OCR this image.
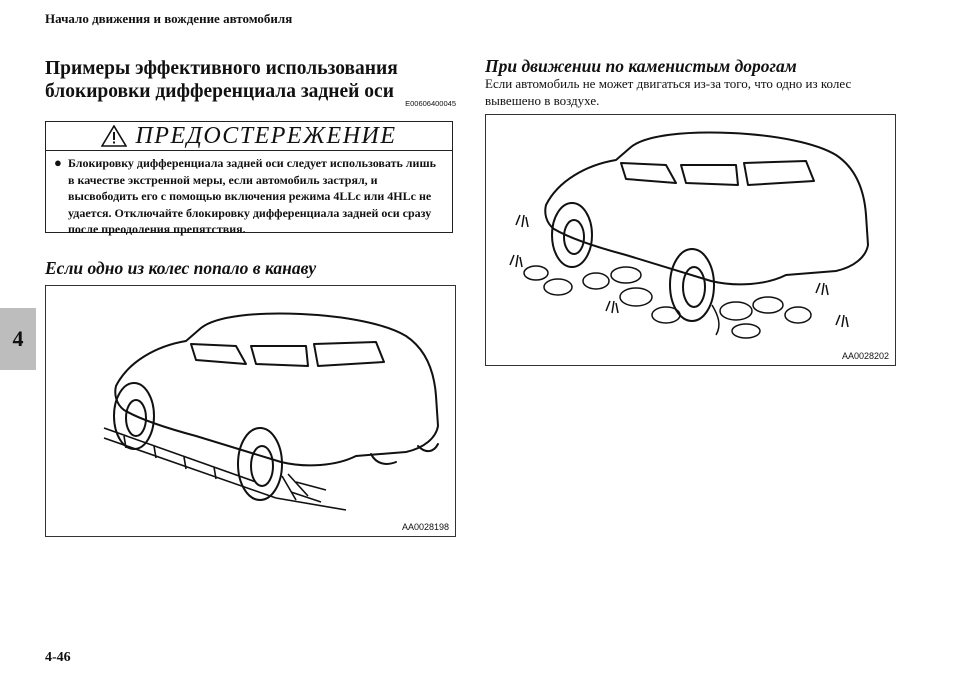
Начало движения и вождение автомобиля
4
Примеры эффективного использования
блокировки дифференциала задней оси
E00606400045
ПРЕДОСТЕРЕЖЕНИЕ
● Блокировку дифференциала задней оси следует использовать лишь в качестве экстренной меры, если автомобиль застрял, и высвободить его с помощью включения режима 4LLc или 4HLc не удается. Отключайте блокировку дифференциала задней оси сразу после преодоления препятствия.
Если одно из колес попало в канаву
AA0028198
При движении по каменистым дорогам
Если автомобиль не может двигаться из-за того, что одно из колес
вывешено в воздухе.
AA0028202
4-46
